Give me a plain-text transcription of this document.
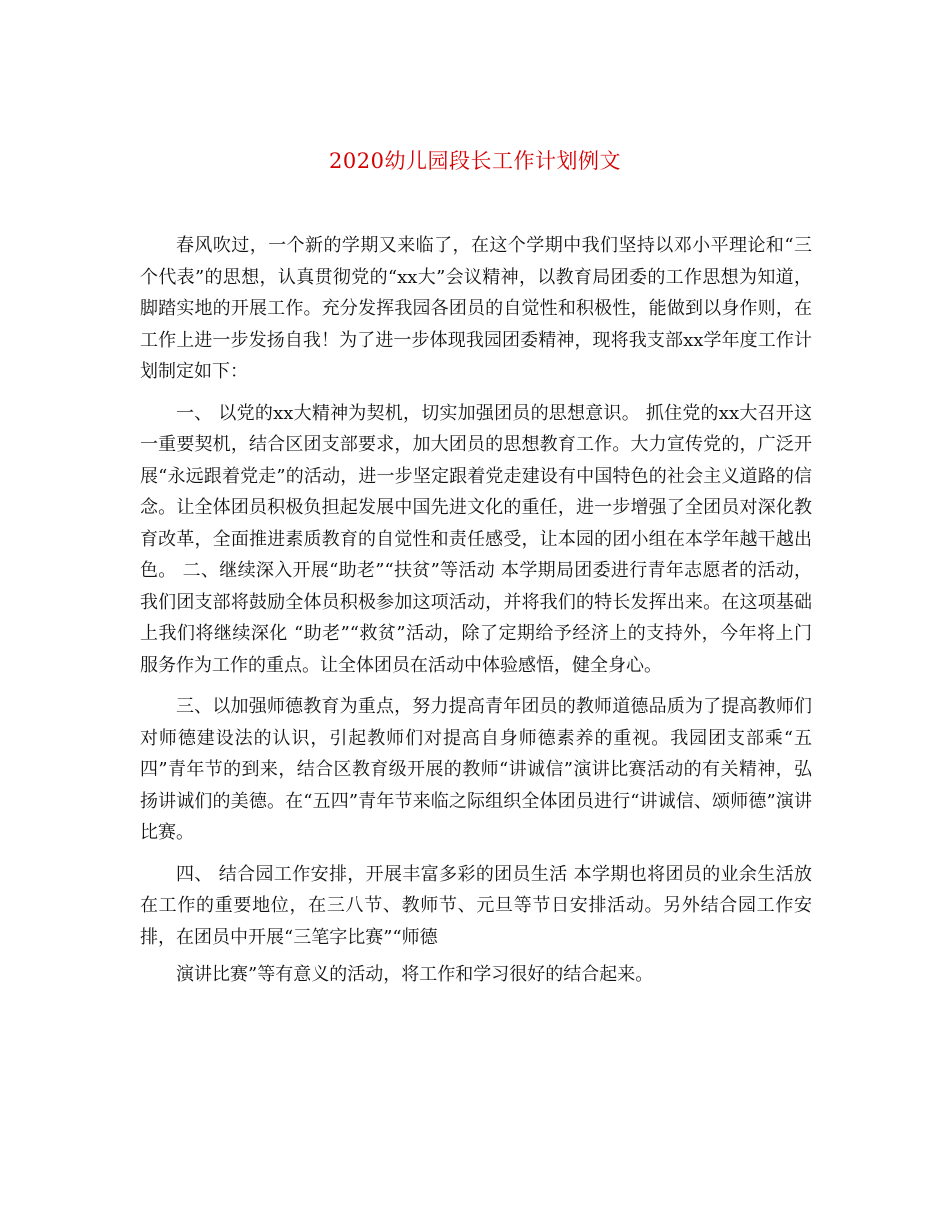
2020幼儿园段长工作计划例文

春风吹过，一个新的学期又来临了，在这个学期中我们坚持以邓小平理论和“三个代表”的思想，认真贯彻党的“xx大”会议精神，以教育局团委的工作思想为知道，脚踏实地的开展工作。充分发挥我园各团员的自觉性和积极性，能做到以身作则，在工作上进一步发扬自我！为了进一步体现我园团委精神，现将我支部xx学年度工作计划制定如下：

一、 以党的xx大精神为契机，切实加强团员的思想意识。 抓住党的xx大召开这一重要契机，结合区团支部要求，加大团员的思想教育工作。大力宣传党的，广泛开展“永远跟着党走”的活动，进一步坚定跟着党走建设有中国特色的社会主义道路的信念。让全体团员积极负担起发展中国先进文化的重任，进一步增强了全团员对深化教育改革，全面推进素质教育的自觉性和责任感受，让本园的团小组在本学年越干越出色。 二、继续深入开展“助老”“扶贫”等活动 本学期局团委进行青年志愿者的活动，我们团支部将鼓励全体员积极参加这项活动，并将我们的特长发挥出来。在这项基础上我们将继续深化 “助老”“救贫”活动，除了定期给予经济上的支持外，今年将上门服务作为工作的重点。让全体团员在活动中体验感悟，健全身心。

三、以加强师德教育为重点，努力提高青年团员的教师道德品质为了提高教师们对师德建设法的认识，引起教师们对提高自身师德素养的重视。我园团支部乘“五四”青年节的到来，结合区教育级开展的教师“讲诚信”演讲比赛活动的有关精神，弘扬讲诚们的美德。在“五四”青年节来临之际组织全体团员进行“讲诚信、颂师德”演讲比赛。

四、 结合园工作安排，开展丰富多彩的团员生活 本学期也将团员的业余生活放在工作的重要地位，在三八节、教师节、元旦等节日安排活动。另外结合园工作安排，在团员中开展“三笔字比赛”“师德

演讲比赛”等有意义的活动，将工作和学习很好的结合起来。
